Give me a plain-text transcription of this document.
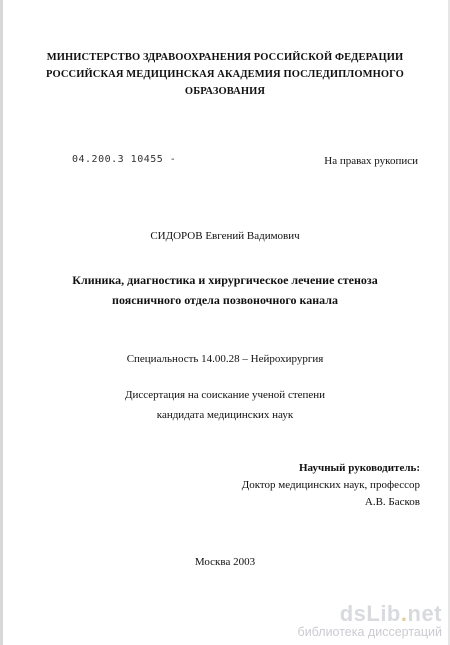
МИНИСТЕРСТВО ЗДРАВООХРАНЕНИЯ РОССИЙСКОЙ ФЕДЕРАЦИИ
РОССИЙСКАЯ МЕДИЦИНСКАЯ АКАДЕМИЯ ПОСЛЕДИПЛОМНОГО
ОБРАЗОВАНИЯ
04.200.3 10455 -	На правах рукописи
СИДОРОВ Евгений Вадимович
Клиника, диагностика и хирургическое лечение стеноза
поясничного отдела позвоночного канала
Специальность 14.00.28 – Нейрохирургия
Диссертация на соискание ученой степени
кандидата медицинских наук
Научный руководитель:
Доктор медицинских наук, профессор
А.В. Басков
Москва 2003
dsLib.net
библиотека диссертаций
